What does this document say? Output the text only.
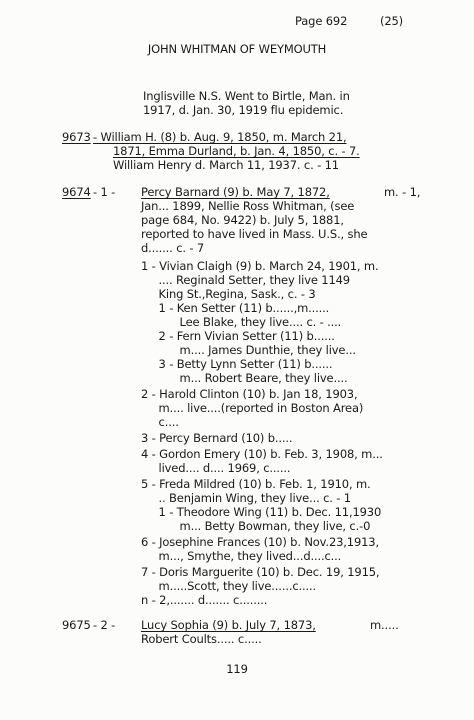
Page 692	(25)
JOHN WHITMAN OF WEYMOUTH
Inglisville N.S. Went to Birtle, Man. in
1917, d. Jan. 30, 1919 flu epidemic.
9673 - William H. (8) b. Aug. 9, 1850, m. March 21,
1871, Emma Durland, b. Jan. 4, 1850, c. - 7.
William Henry d. March 11, 1937. c. - 11
9674 - 1 - Percy Barnard (9) b. May 7, 1872,	m. - 1,
Jan... 1899, Nellie Ross Whitman, (see
page 684, No. 9422) b. July 5, 1881,
reported to have lived in Mass. U.S., she
d....... c. - 7
1 - Vivian Claigh (9) b. March 24, 1901, m.
.... Reginald Setter, they live 1149
King St.,Regina, Sask., c. - 3
1 - Ken Setter (11) b......,m......
Lee Blake, they live.... c. - ....
2 - Fern Vivian Setter (11) b......
m.... James Dunthie, they live...
3 - Betty Lynn Setter (11) b......
m... Robert Beare, they live....
2 - Harold Clinton (10) b. Jan 18, 1903,
m.... live....(reported in Boston Area)
c....
3 - Percy Bernard (10) b.....
4 - Gordon Emery (10) b. Feb. 3, 1908, m...
lived.... d.... 1969, c......
5 - Freda Mildred (10) b. Feb. 1, 1910, m.
.. Benjamin Wing, they live... c. - 1
1 - Theodore Wing (11) b. Dec. 11,1930
m... Betty Bowman, they live, c.-0
6 - Josephine Frances (10) b. Nov.23,1913,
m..., Smythe, they lived...d....c...
7 - Doris Marguerite (10) b. Dec. 19, 1915,
m.....Scott, they live......c.....
n - 2,....... d....... c........
9675 - 2 - Lucy Sophia (9) b. July 7, 1873,	m.....
Robert Coults..... c.....
119
